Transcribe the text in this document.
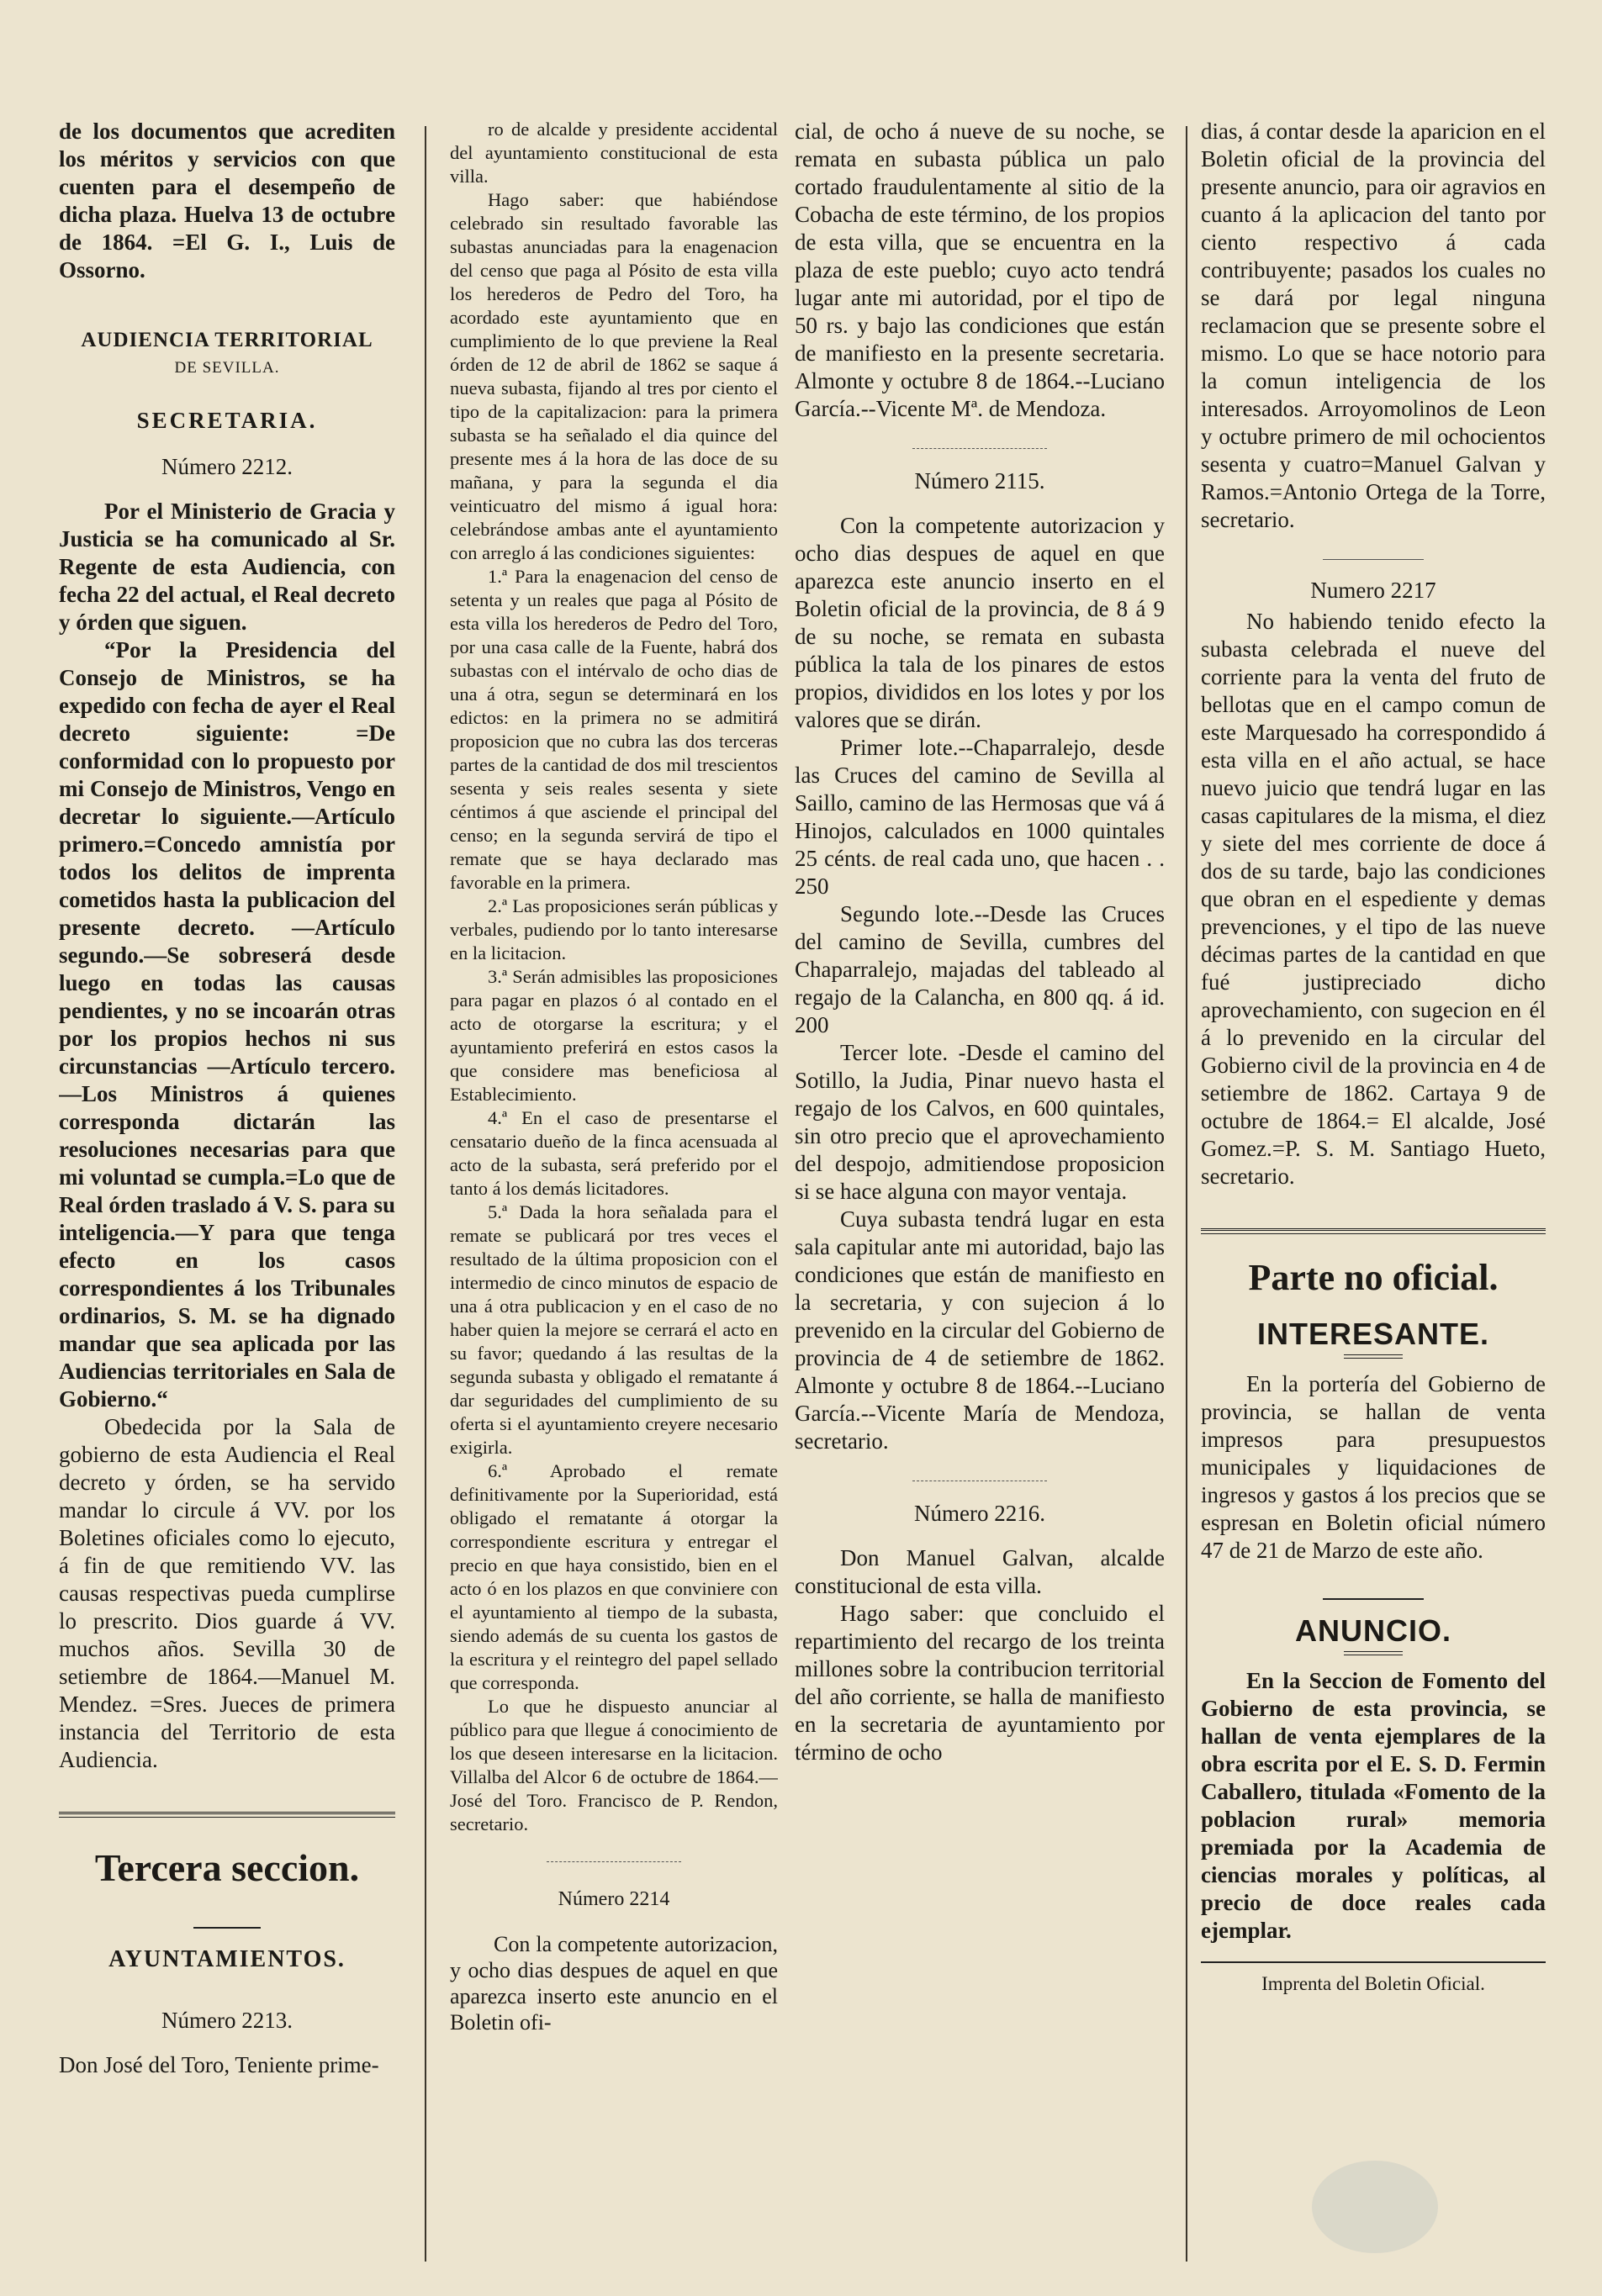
de los documentos que acrediten los méritos y servicios con que cuenten para el desempeño de dicha plaza. Huelva 13 de octubre de 1864. =El G. I., Luis de Ossorno.

AUDIENCIA TERRITORIAL
DE SEVILLA.
SECRETARIA.
Número 2212.

Por el Ministerio de Gracia y Justicia se ha comunicado al Sr. Regente de esta Audiencia, con fecha 22 del actual, el Real decreto y órden que siguen.

“Por la Presidencia del Consejo de Ministros, se ha expedido con fecha de ayer el Real decreto siguiente: =De conformidad con lo propuesto por mi Consejo de Ministros, Vengo en decretar lo siguiente.—Artículo primero.=Concedo amnistía por todos los delitos de imprenta cometidos hasta la publicacion del presente decreto. —Artículo segundo.—Se sobreserá desde luego en todas las causas pendientes, y no se incoarán otras por los propios hechos ni sus circunstancias —Artículo tercero.—Los Ministros á quienes corresponda dictarán las resoluciones necesarias para que mi voluntad se cumpla.=Lo que de Real órden traslado á V. S. para su inteligencia.—Y para que tenga efecto en los casos correspondientes á los Tribunales ordinarios, S. M. se ha dignado mandar que sea aplicada por las Audiencias territoriales en Sala de Gobierno.“

Obedecida por la Sala de gobierno de esta Audiencia el Real decreto y órden, se ha servido mandar lo circule á VV. por los Boletines oficiales como lo ejecuto, á fin de que remitiendo VV. las causas respectivas pueda cumplirse lo prescrito. Dios guarde á VV. muchos años. Sevilla 30 de setiembre de 1864.—Manuel M. Mendez. =Sres. Jueces de primera instancia del Territorio de esta Audiencia.

Tercera seccion.
AYUNTAMIENTOS.
Número 2213.

Don José del Toro, Teniente prime-

ro de alcalde y presidente accidental del ayuntamiento constitucional de esta villa.

Hago saber: que habiéndose celebrado sin resultado favorable las subastas anunciadas para la enagenacion del censo que paga al Pósito de esta villa los herederos de Pedro del Toro, ha acordado este ayuntamiento que en cumplimiento de lo que previene la Real órden de 12 de abril de 1862 se saque á nueva subasta, fijando al tres por ciento el tipo de la capitalizacion: para la primera subasta se ha señalado el dia quince del presente mes á la hora de las doce de su mañana, y para la segunda el dia veinticuatro del mismo á igual hora: celebrándose ambas ante el ayuntamiento con arreglo á las condiciones siguientes:

1.ª Para la enagenacion del censo de setenta y un reales que paga al Pósito de esta villa los herederos de Pedro del Toro, por una casa calle de la Fuente, habrá dos subastas con el intérvalo de ocho dias de una á otra, segun se determinará en los edictos: en la primera no se admitirá proposicion que no cubra las dos terceras partes de la cantidad de dos mil trescientos sesenta y seis reales sesenta y siete céntimos á que asciende el principal del censo; en la segunda servirá de tipo el remate que se haya declarado mas favorable en la primera.

2.ª Las proposiciones serán públicas y verbales, pudiendo por lo tanto interesarse en la licitacion.

3.ª Serán admisibles las proposiciones para pagar en plazos ó al contado en el acto de otorgarse la escritura; y el ayuntamiento preferirá en estos casos la que considere mas beneficiosa al Establecimiento.

4.ª En el caso de presentarse el censatario dueño de la finca acensuada al acto de la subasta, será preferido por el tanto á los demás licitadores.

5.ª Dada la hora señalada para el remate se publicará por tres veces el resultado de la última proposicion con el intermedio de cinco minutos de espacio de una á otra publicacion y en el caso de no haber quien la mejore se cerrará el acto en su favor; quedando á las resultas de la segunda subasta y obligado el rematante á dar seguridades del cumplimiento de su oferta si el ayuntamiento creyere necesario exigirla.

6.ª Aprobado el remate definitivamente por la Superioridad, está obligado el rematante á otorgar la correspondiente escritura y entregar el precio en que haya consistido, bien en el acto ó en los plazos en que conviniere con el ayuntamiento al tiempo de la subasta, siendo además de su cuenta los gastos de la escritura y el reintegro del papel sellado que corresponda.

Lo que he dispuesto anunciar al público para que llegue á conocimiento de los que deseen interesarse en la licitacion. Villalba del Alcor 6 de octubre de 1864.—José del Toro. Francisco de P. Rendon, secretario.

Número 2214

Con la competente autorizacion, y ocho dias despues de aquel en que aparezca inserto este anuncio en el Boletin ofi-

cial, de ocho á nueve de su noche, se remata en subasta pública un palo cortado fraudulentamente al sitio de la Cobacha de este término, de los propios de esta villa, que se encuentra en la plaza de este pueblo; cuyo acto tendrá lugar ante mi autoridad, por el tipo de 50 rs. y bajo las condiciones que están de manifiesto en la presente secretaria. Almonte y octubre 8 de 1864.--Luciano García.--Vicente Mª. de Mendoza.

Número 2115.

Con la competente autorizacion y ocho dias despues de aquel en que aparezca este anuncio inserto en el Boletin oficial de la provincia, de 8 á 9 de su noche, se remata en subasta pública la tala de los pinares de estos propios, divididos en los lotes y por los valores que se dirán.

Primer lote.--Chaparralejo, desde las Cruces del camino de Sevilla al Saillo, camino de las Hermosas que vá á Hinojos, calculados en 1000 quintales 25 cénts. de real cada uno, que hacen . . 250

Segundo lote.--Desde las Cruces del camino de Sevilla, cumbres del Chaparralejo, majadas del tableado al regajo de la Calancha, en 800 qq. á id. 200

Tercer lote. -Desde el camino del Sotillo, la Judia, Pinar nuevo hasta el regajo de los Calvos, en 600 quintales, sin otro precio que el aprovechamiento del despojo, admitiendose proposicion si se hace alguna con mayor ventaja.

Cuya subasta tendrá lugar en esta sala capitular ante mi autoridad, bajo las condiciones que están de manifiesto en la secretaria, y con sujecion á lo prevenido en la circular del Gobierno de provincia de 4 de setiembre de 1862. Almonte y octubre 8 de 1864.--Luciano García.--Vicente María de Mendoza, secretario.

Número 2216.

Don Manuel Galvan, alcalde constitucional de esta villa.

Hago saber: que concluido el repartimiento del recargo de los treinta millones sobre la contribucion territorial del año corriente, se halla de manifiesto en la secretaria de ayuntamiento por término de ocho

dias, á contar desde la aparicion en el Boletin oficial de la provincia del presente anuncio, para oir agravios en cuanto á la aplicacion del tanto por ciento respectivo á cada contribuyente; pasados los cuales no se dará por legal ninguna reclamacion que se presente sobre el mismo. Lo que se hace notorio para la comun inteligencia de los interesados. Arroyomolinos de Leon y octubre primero de mil ochocientos sesenta y cuatro=Manuel Galvan y Ramos.=Antonio Ortega de la Torre, secretario.

Numero 2217

No habiendo tenido efecto la subasta celebrada el nueve del corriente para la venta del fruto de bellotas que en el campo comun de este Marquesado ha correspondido á esta villa en el año actual, se hace nuevo juicio que tendrá lugar en las casas capitulares de la misma, el diez y siete del mes corriente de doce á dos de su tarde, bajo las condiciones que obran en el espediente y demas prevenciones, y el tipo de las nueve décimas partes de la cantidad en que fué justipreciado dicho aprovechamiento, con sugecion en él á lo prevenido en la circular del Gobierno civil de la provincia en 4 de setiembre de 1862. Cartaya 9 de octubre de 1864.= El alcalde, José Gomez.=P. S. M. Santiago Hueto, secretario.

Parte no oficial.
INTERESANTE.

En la portería del Gobierno de provincia, se hallan de venta impresos para presupuestos municipales y liquidaciones de ingresos y gastos á los precios que se espresan en Boletin oficial número 47 de 21 de Marzo de este año.

ANUNCIO.

En la Seccion de Fomento del Gobierno de esta provincia, se hallan de venta ejemplares de la obra escrita por el E. S. D. Fermin Caballero, titulada «Fomento de la poblacion rural» memoria premiada por la Academia de ciencias morales y políticas, al precio de doce reales cada ejemplar.

Imprenta del Boletin Oficial.
